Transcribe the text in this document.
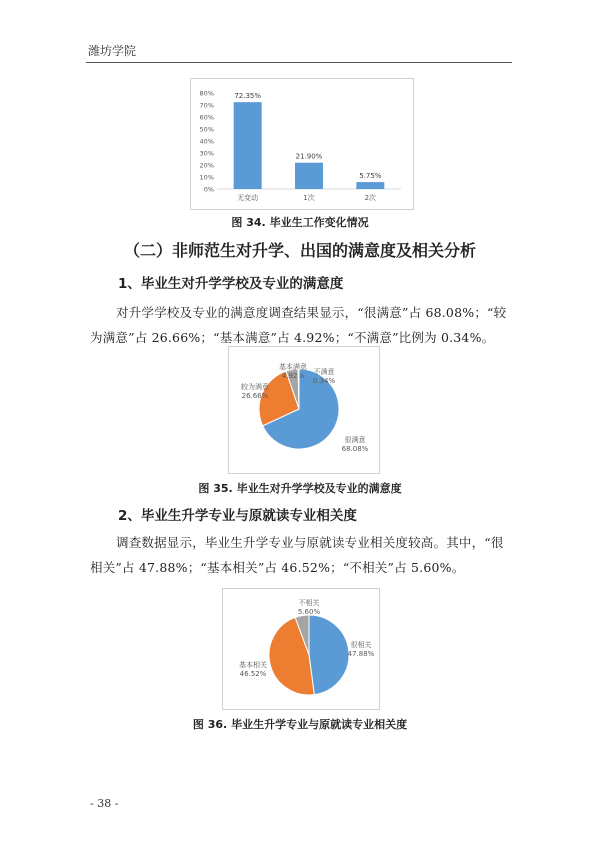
潍坊学院
0%
10%
20%
30%
40%
50%
60%
70%
80%	72.35%
无变动
21.90%
1次
5.75%
2次
图 34. 毕业生工作变化情况
（二）非师范生对升学、出国的满意度及相关分析
1、毕业生对升学学校及专业的满意度

对升学学校及专业的满意度调查结果显示，“很满意”占 68.08%；“较为满意”占 26.66%；“基本满意”占 4.92%；“不满意”比例为 0.34%。

很满意
68.08%
较为满意
26.66%
基本满意
4.92% 不满意
0.34%
图 35. 毕业生对升学学校及专业的满意度
2、毕业生升学专业与原就读专业相关度

调查数据显示，毕业生升学专业与原就读专业相关度较高。其中，“很相关”占 47.88%；“基本相关”占 46.52%；“不相关”占 5.60%。

很相关
47.88%
基本相关
46.52%
不相关
5.60%
图 36. 毕业生升学专业与原就读专业相关度
- 38 -
